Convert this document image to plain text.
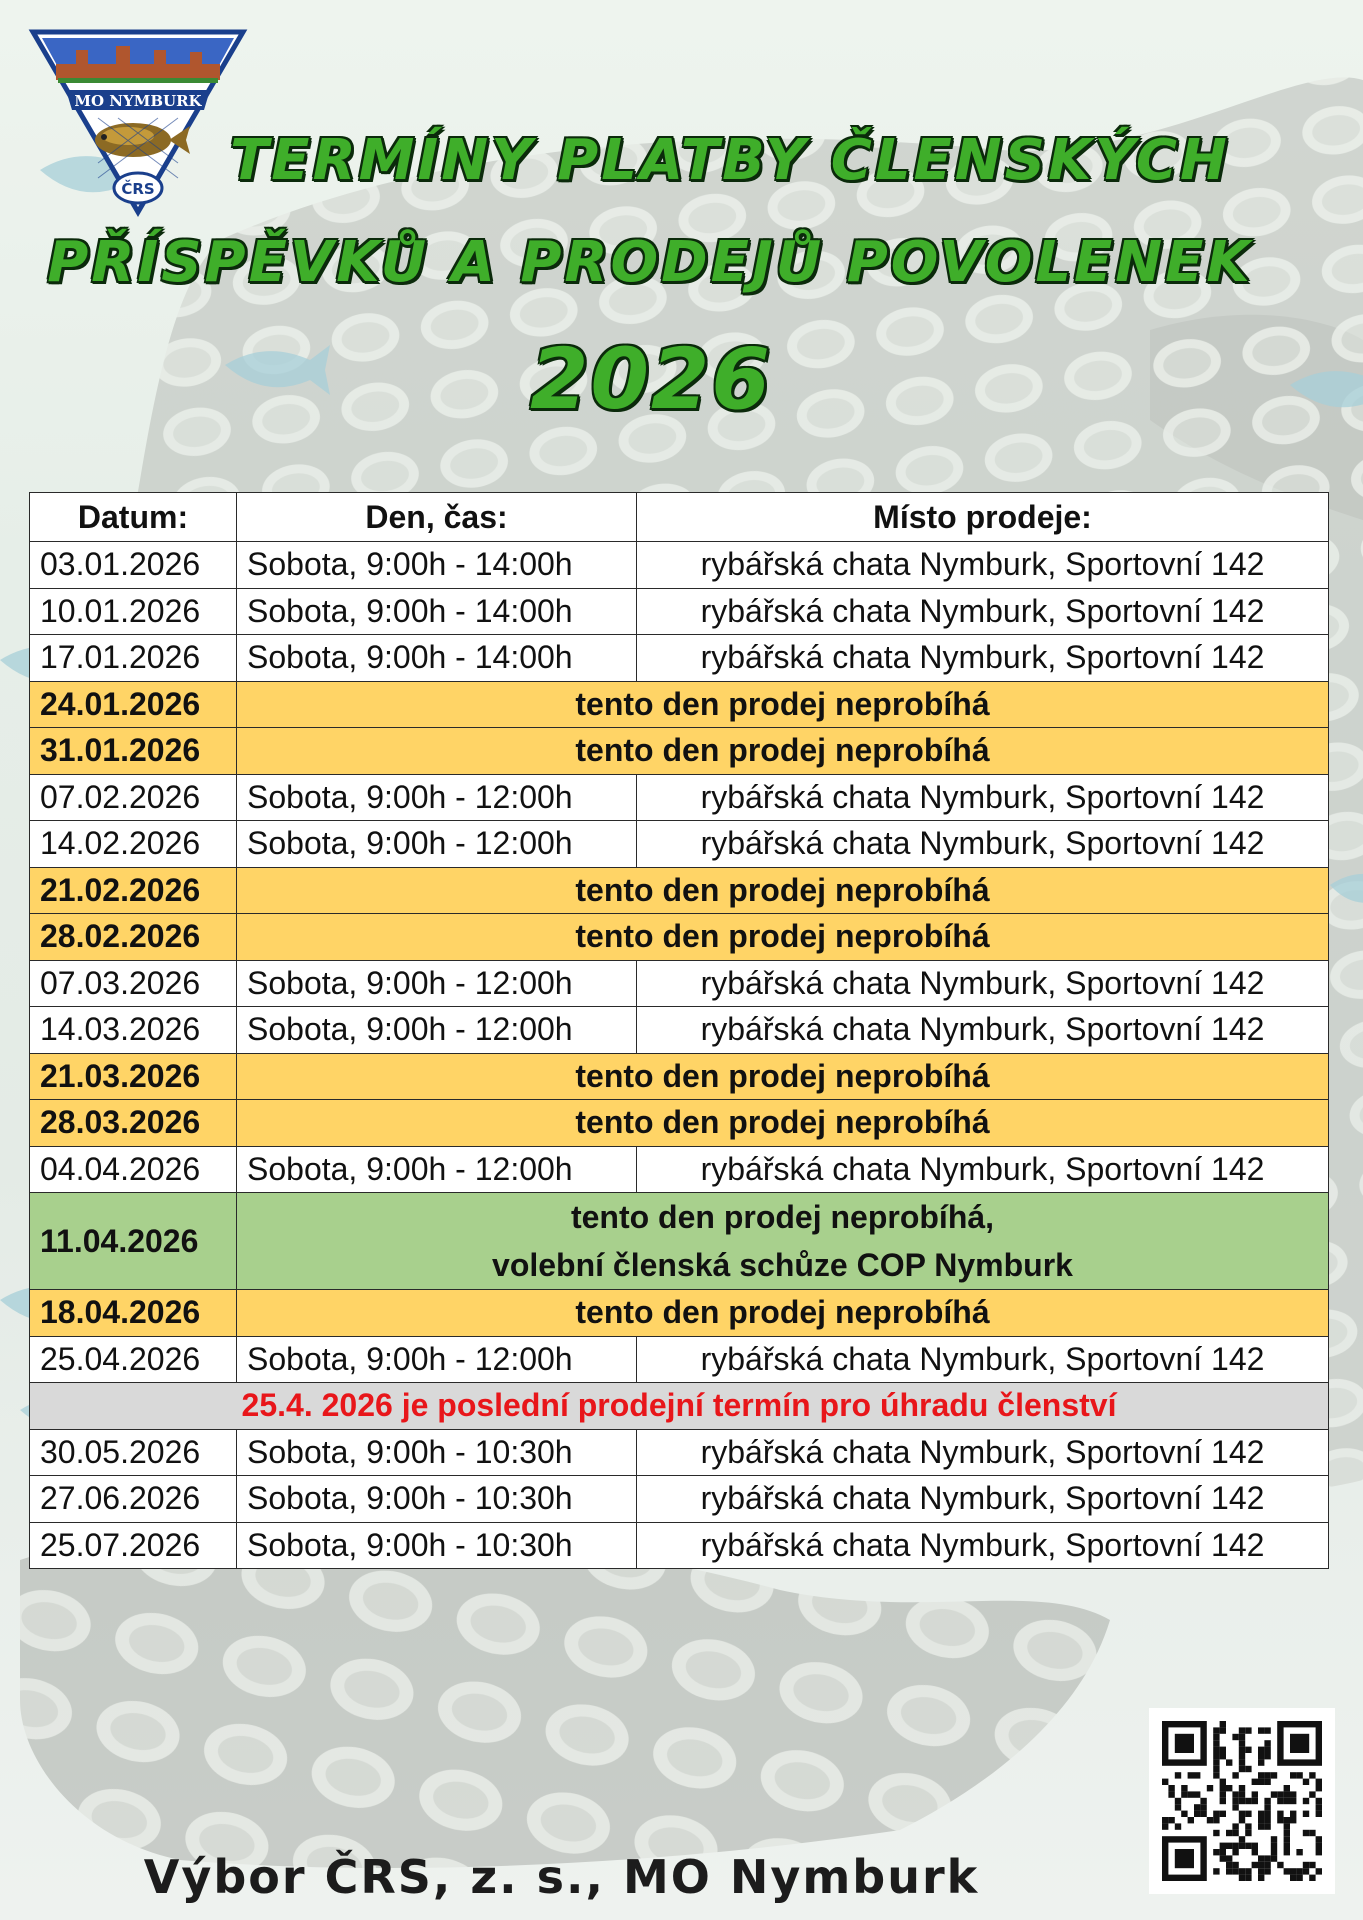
MO NYMBURK
ČRS	TERMÍNY PLATBY ČLENSKÝCH
PŘÍSPĚVKŮ A PRODEJŮ POVOLENEK
2026
Datum:	Den, čas:	Místo prodeje:
03.01.2026	Sobota, 9:00h - 14:00h	rybářská chata Nymburk, Sportovní 142
10.01.2026	Sobota, 9:00h - 14:00h	rybářská chata Nymburk, Sportovní 142
17.01.2026	Sobota, 9:00h - 14:00h	rybářská chata Nymburk, Sportovní 142
24.01.2026	tento den prodej neprobíhá	
31.01.2026	tento den prodej neprobíhá	
07.02.2026	Sobota, 9:00h - 12:00h	rybářská chata Nymburk, Sportovní 142
14.02.2026	Sobota, 9:00h - 12:00h	rybářská chata Nymburk, Sportovní 142
21.02.2026	tento den prodej neprobíhá	
28.02.2026	tento den prodej neprobíhá	
07.03.2026	Sobota, 9:00h - 12:00h	rybářská chata Nymburk, Sportovní 142
14.03.2026	Sobota, 9:00h - 12:00h	rybářská chata Nymburk, Sportovní 142
21.03.2026	tento den prodej neprobíhá	
28.03.2026	tento den prodej neprobíhá	
04.04.2026	Sobota, 9:00h - 12:00h	rybářská chata Nymburk, Sportovní 142
11.04.2026	tento den prodej neprobíhá,
volební členská schůze COP Nymburk	

18.04.2026	tento den prodej neprobíhá	
25.04.2026	Sobota, 9:00h - 12:00h	rybářská chata Nymburk, Sportovní 142
25.4. 2026 je poslední prodejní termín pro úhradu členství		
30.05.2026	Sobota, 9:00h - 10:30h	rybářská chata Nymburk, Sportovní 142
27.06.2026	Sobota, 9:00h - 10:30h	rybářská chata Nymburk, Sportovní 142
25.07.2026	Sobota, 9:00h - 10:30h	rybářská chata Nymburk, Sportovní 142
Výbor ČRS, z. s., MO Nymburk
